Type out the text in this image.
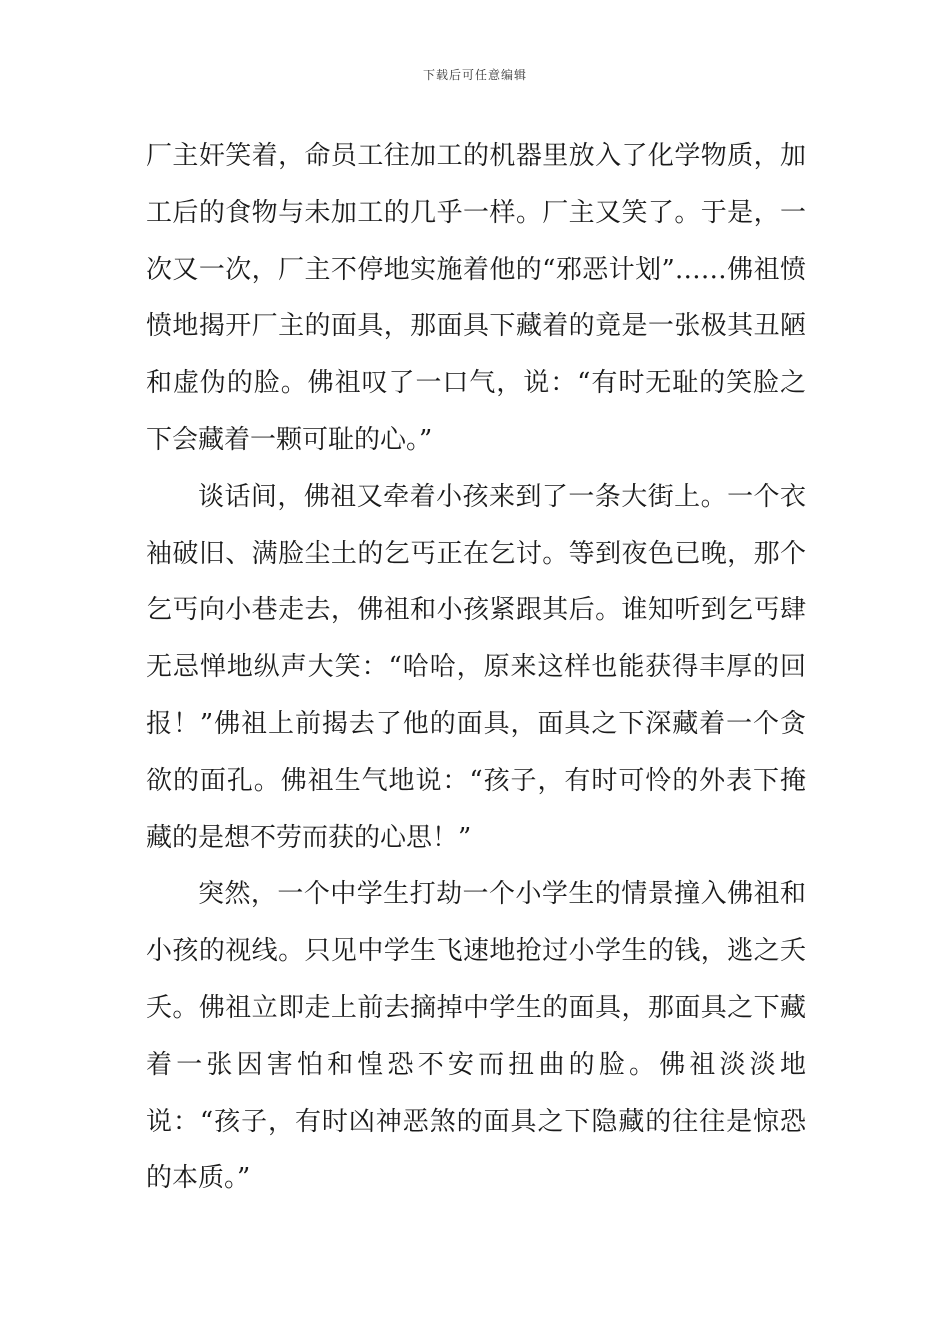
下载后可任意编辑

厂主奸笑着，命员工往加工的机器里放入了化学物质，加工后的食物与未加工的几乎一样。厂主又笑了。于是，一次又一次，厂主不停地实施着他的“邪恶计划”……佛祖愤愤地揭开厂主的面具，那面具下藏着的竟是一张极其丑陋和虚伪的脸。佛祖叹了一口气，说：“有时无耻的笑脸之下会藏着一颗可耻的心。”

谈话间，佛祖又牵着小孩来到了一条大街上。一个衣袖破旧、满脸尘土的乞丐正在乞讨。等到夜色已晚，那个乞丐向小巷走去，佛祖和小孩紧跟其后。谁知听到乞丐肆无忌惮地纵声大笑：“哈哈，原来这样也能获得丰厚的回报！”佛祖上前揭去了他的面具，面具之下深藏着一个贪欲的面孔。佛祖生气地说：“孩子，有时可怜的外表下掩藏的是想不劳而获的心思！”

突然，一个中学生打劫一个小学生的情景撞入佛祖和小孩的视线。只见中学生飞速地抢过小学生的钱，逃之夭夭。佛祖立即走上前去摘掉中学生的面具，那面具之下藏着一张因害怕和惶恐不安而扭曲的脸。佛祖淡淡地说：“孩子，有时凶神恶煞的面具之下隐藏的往往是惊恐的本质。”
